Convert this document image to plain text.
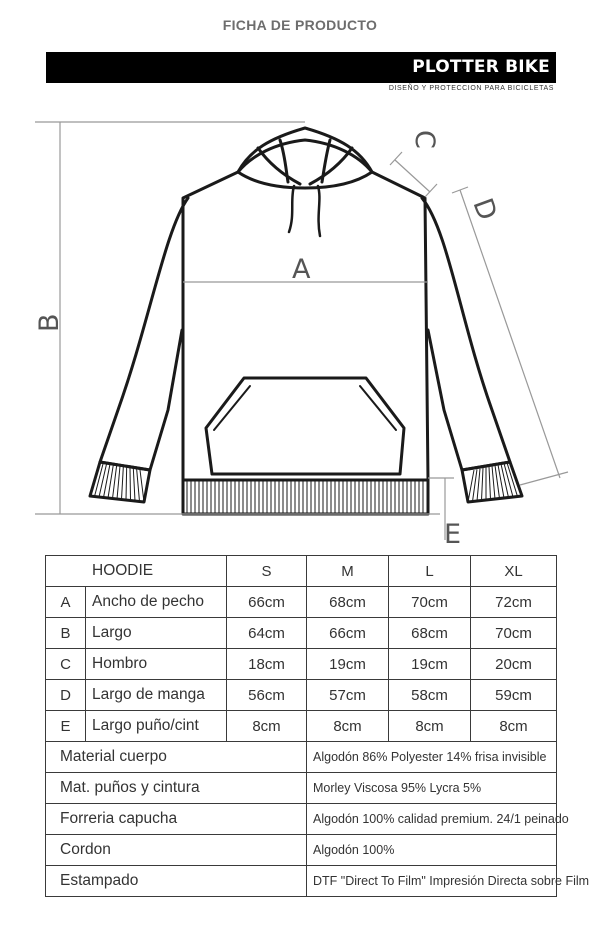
FICHA DE PRODUCTO
PLOTTER BIKE
DISEÑO Y PROTECCION PARA BICICLETAS
A
B
C
D
E
HOODIE		S	M	L	XL
A	Ancho de pecho	66cm	68cm	70cm	72cm
B	Largo	64cm	66cm	68cm	70cm
C	Hombro	18cm	19cm	19cm	20cm
D	Largo de manga	56cm	57cm	58cm	59cm
E	Largo puño/cint	8cm	8cm	8cm	8cm
Material cuerpo			Algodón 86% Polyester 14% frisa invisible		
Mat. puños y cintura			Morley Viscosa 95% Lycra 5%		
Forreria capucha			Algodón 100% calidad premium. 24/1 peinado		
Cordon			Algodón 100%		
Estampado			DTF "Direct To Film" Impresión Directa sobre Film		
